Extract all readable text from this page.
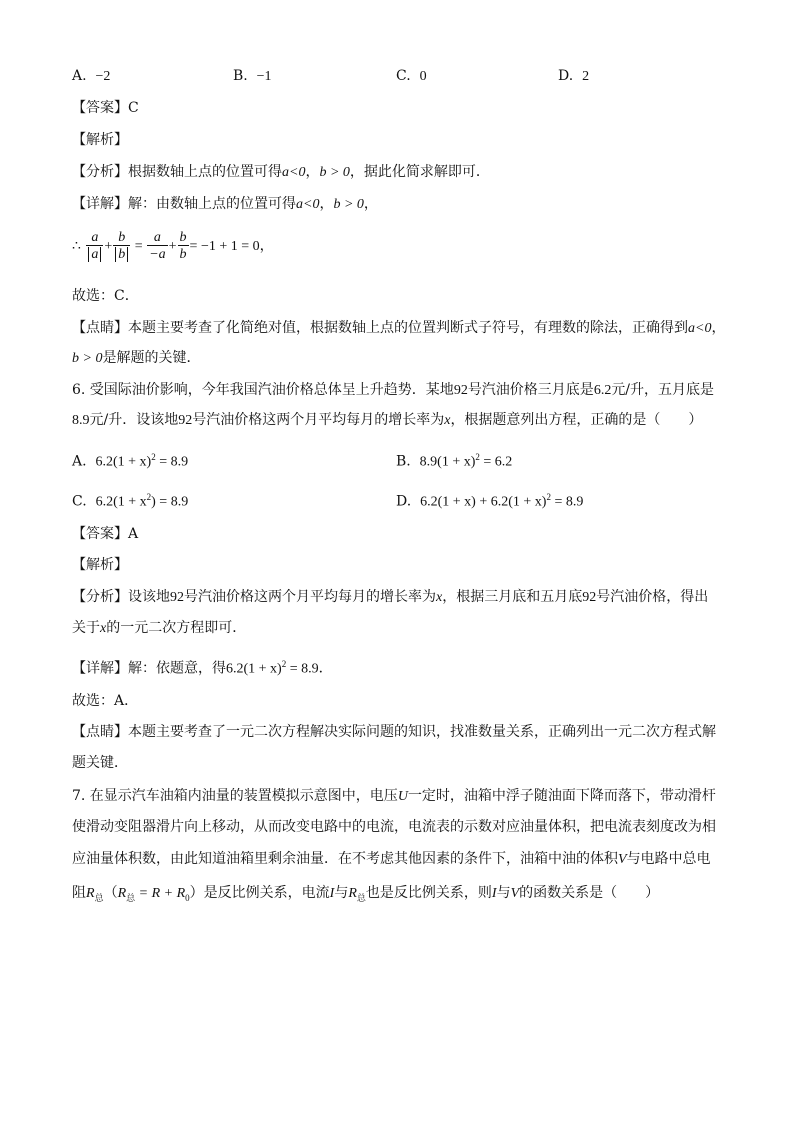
A. −2	B. −1	C. 0	D. 2
【答案】C
【解析】
【分析】根据数轴上点的位置可得a<0，b > 0，据此化简求解即可．
【详解】解：由数轴上点的位置可得a<0，b > 0，
∴ $\frac{a}{a} + \frac{b}{b} = \frac{a}{-a} + \frac{b}{b} = -1 + 1 = 0$，
故选：C．
【点睛】本题主要考查了化简绝对值，根据数轴上点的位置判断式子符号，有理数的除法，正确得到a<0，
b > 0是解题的关键．
6. 受国际油价影响，今年我国汽油价格总体呈上升趋势．某地92号汽油价格三月底是6.2元/升，五月底是
8.9元/升．设该地92号汽油价格这两个月平均每月的增长率为x，根据题意列出方程，正确的是（　　）
A. $6.2(1 + x)^2 = 8.9$	B. $8.9(1 + x)^2 = 6.2$
C. $6.2(1 + x^2) = 8.9$	D. $6.2(1 + x) + 6.2(1 + x)^2 = 8.9$
【答案】A
【解析】
【分析】设该地92号汽油价格这两个月平均每月的增长率为x，根据三月底和五月底92号汽油价格，得出
关于x的一元二次方程即可．
【详解】解：依题意，得$6.2(1 + x)^2 = 8.9$．
故选：A．
【点睛】本题主要考查了一元二次方程解决实际问题的知识，找准数量关系，正确列出一元二次方程式解
题关键．
7. 在显示汽车油箱内油量的装置模拟示意图中，电压U一定时，油箱中浮子随油面下降而落下，带动滑杆
使滑动变阻器滑片向上移动，从而改变电路中的电流，电流表的示数对应油量体积，把电流表刻度改为相
应油量体积数，由此知道油箱里剩余油量．在不考虑其他因素的条件下，油箱中油的体积V与电路中总电
阻$R_总(R_总 = R + R_0)$是反比例关系，电流I与$R_总$也是反比例关系，则I与V的函数关系是（　　）
